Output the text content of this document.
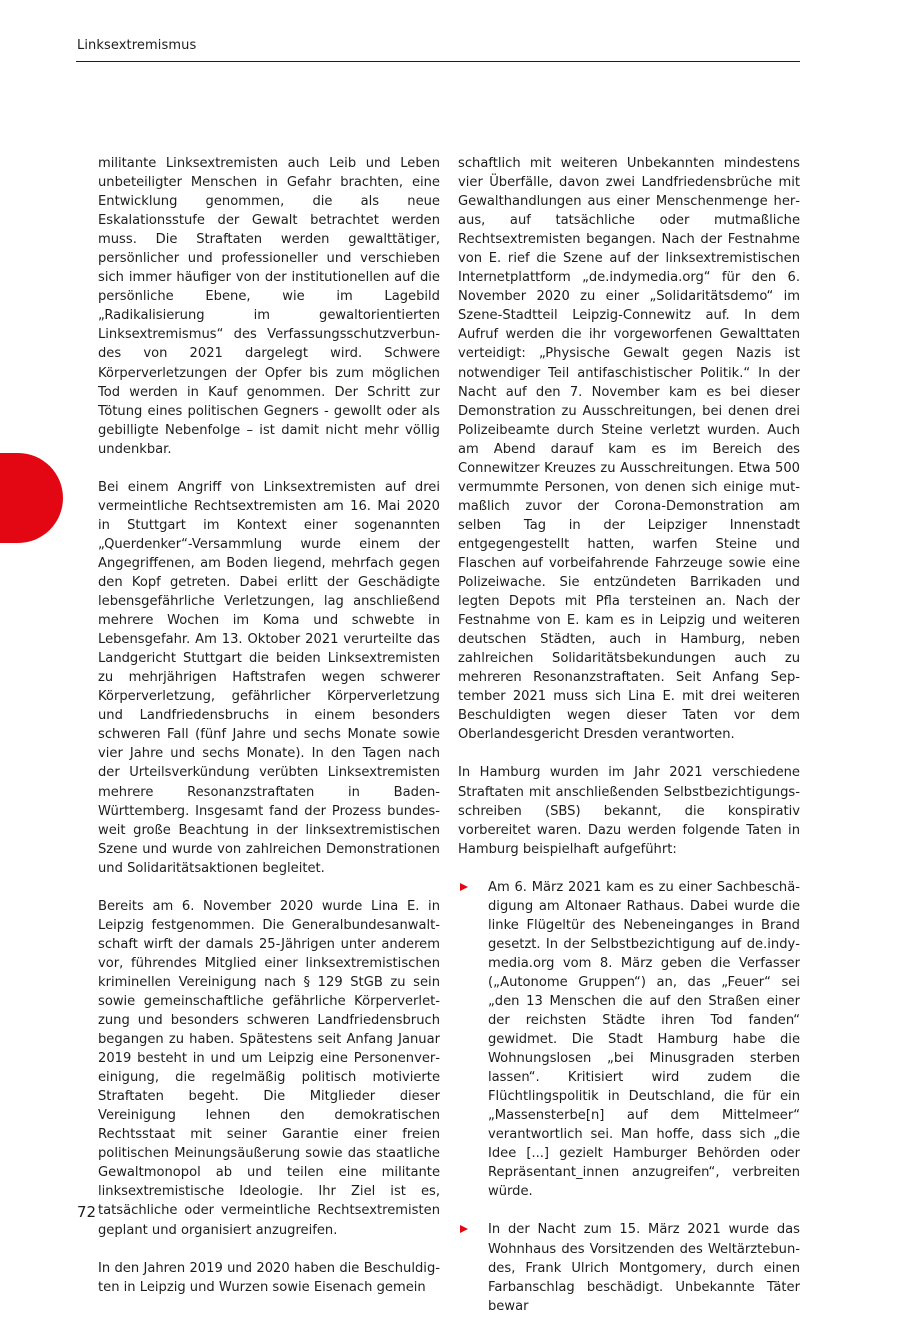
Linksextremismus

militante Linksextremisten auch Leib und Leben unbeteiligter Menschen in Gefahr brachten, eine Entwicklung genommen, die als neue Eskalationsstufe der Gewalt betrachtet werden muss. Die Straftaten werden gewalttätiger, persönlicher und professioneller und verschieben sich immer häufiger von der institutionellen auf die persönliche Ebene, wie im Lagebild „Radikalisierung im gewaltorientierten Linksextremismus“ des Verfassungsschutzverbundes von 2021 dargelegt wird. Schwere Körperverletzungen der Opfer bis zum möglichen Tod werden in Kauf genommen. Der Schritt zur Tötung eines politischen Gegners - gewollt oder als gebilligte Nebenfolge – ist damit nicht mehr völlig undenkbar.

Bei einem Angriff von Linksextremisten auf drei vermeintliche Rechtsextremisten am 16. Mai 2020 in Stuttgart im Kontext einer sogenannten „Querdenker“-Versammlung wurde einem der Angegriffenen, am Boden liegend, mehrfach gegen den Kopf getreten. Dabei erlitt der Geschädigte lebensgefährliche Verletzungen, lag anschließend mehrere Wochen im Koma und schwebte in Lebensgefahr. Am 13. Oktober 2021 verurteilte das Landgericht Stuttgart die beiden Linksextremisten zu mehrjährigen Haftstrafen wegen schwerer Körperverletzung, gefährlicher Körperverletzung und Landfriedensbruchs in einem besonders schweren Fall (fünf Jahre und sechs Monate sowie vier Jahre und sechs Monate). In den Tagen nach der Urteilsverkündung verübten Linksextremisten mehrere Resonanzstraftaten in Baden-Württemberg. Insgesamt fand der Prozess bundesweit große Beachtung in der linksextremistischen Szene und wurde von zahlreichen Demonstrationen und Solidaritätsaktionen begleitet.

Bereits am 6. November 2020 wurde Lina E. in Leipzig festgenommen. Die Generalbundesanwaltschaft wirft der damals 25-Jährigen unter anderem vor, führendes Mitglied einer linksextremistischen kriminellen Vereinigung nach § 129 StGB zu sein sowie gemeinschaftliche gefährliche Körperverletzung und besonders schweren Landfriedensbruch begangen zu haben. Spätestens seit Anfang Januar 2019 besteht in und um Leipzig eine Personenvereinigung, die regelmäßig politisch motivierte Straftaten begeht. Die Mitglieder dieser Vereinigung lehnen den demokratischen Rechtsstaat mit seiner Garantie einer freien politischen Meinungsäußerung sowie das staatliche Gewaltmonopol ab und teilen eine militante linksextremistische Ideologie. Ihr Ziel ist es, tatsächliche oder vermeintliche Rechtsextremisten geplant und organisiert anzugreifen.

In den Jahren 2019 und 2020 haben die Beschuldigten in Leipzig und Wurzen sowie Eisenach gemein

schaftlich mit weiteren Unbekannten mindestens vier Überfälle, davon zwei Landfriedensbrüche mit Gewalthandlungen aus einer Menschenmenge heraus, auf tatsächliche oder mutmaßliche Rechtsextremisten begangen. Nach der Festnahme von E. rief die Szene auf der linksextremistischen Internetplattform „de.indymedia.org“ für den 6. November 2020 zu einer „Solidaritätsdemo“ im Szene-Stadtteil Leipzig-Connewitz auf. In dem Aufruf werden die ihr vorgeworfenen Gewalttaten verteidigt: „Physische Gewalt gegen Nazis ist notwendiger Teil antifaschistischer Politik.“ In der Nacht auf den 7. November kam es bei dieser Demonstration zu Ausschreitungen, bei denen drei Polizeibeamte durch Steine verletzt wurden. Auch am Abend darauf kam es im Bereich des Connewitzer Kreuzes zu Ausschreitungen. Etwa 500 vermummte Personen, von denen sich einige mutmaßlich zuvor der Corona-Demonstration am selben Tag in der Leipziger Innenstadt entgegengestellt hatten, warfen Steine und Flaschen auf vorbeifahrende Fahrzeuge sowie eine Polizeiwache. Sie entzündeten Barrikaden und legten Depots mit Pfla tersteinen an. Nach der Festnahme von E. kam es in Leipzig und weiteren deutschen Städten, auch in Hamburg, neben zahlreichen Solidaritätsbekundungen auch zu mehreren Resonanzstraftaten. Seit Anfang September 2021 muss sich Lina E. mit drei weiteren Beschuldigten wegen dieser Taten vor dem Oberlandesgericht Dresden verantworten.

In Hamburg wurden im Jahr 2021 verschiedene Straftaten mit anschließenden Selbstbezichtigungsschreiben (SBS) bekannt, die konspirativ vorbereitet waren. Dazu werden folgende Taten in Hamburg beispielhaft aufgeführt:

Am 6. März 2021 kam es zu einer Sachbeschädigung am Altonaer Rathaus. Dabei wurde die linke Flügeltür des Nebeneinganges in Brand gesetzt. In der Selbstbezichtigung auf de.indymedia.org vom 8. März geben die Verfasser („Autonome Gruppen“) an, das „Feuer“ sei „den 13 Menschen die auf den Straßen einer der reichsten Städte ihren Tod fanden“ gewidmet. Die Stadt Hamburg habe die Wohnungslosen „bei Minusgraden sterben lassen“. Kritisiert wird zudem die Flüchtlingspolitik in Deutschland, die für ein „Massensterbe[n] auf dem Mittelmeer“ verantwortlich sei. Man hoffe, dass sich „die Idee [...] gezielt Hamburger Behörden oder Repräsentant_innen anzugreifen“, verbreiten würde.
In der Nacht zum 15. März 2021 wurde das Wohnhaus des Vorsitzenden des Weltärztebundes, Frank Ulrich Montgomery, durch einen Farbanschlag beschädigt. Unbekannte Täter bewar
72
